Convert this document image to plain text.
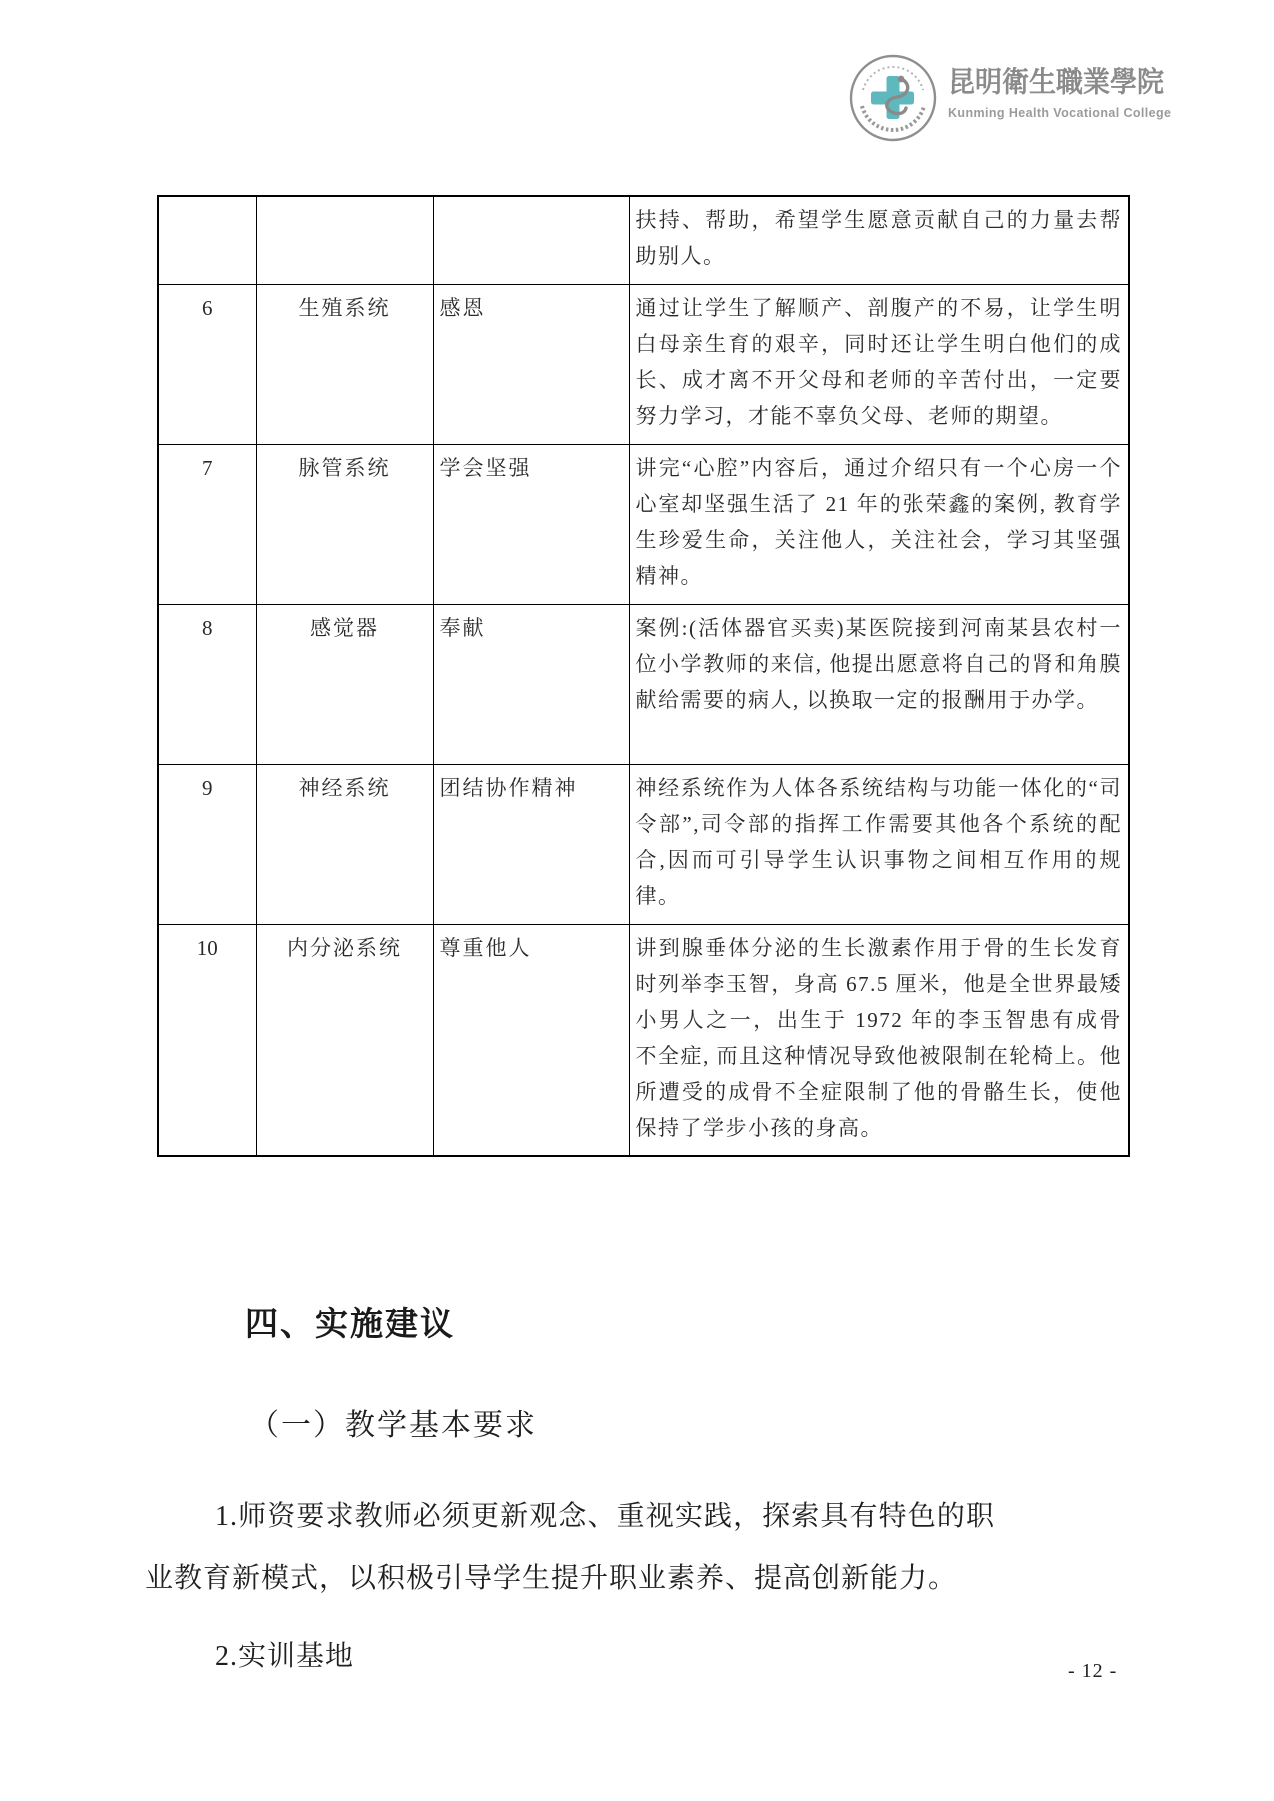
昆明衛生職業學院
Kunming Health Vocational College
			扶持、帮助，希望学生愿意贡献自己的力量去帮助别人。
6	生殖系统	感恩	通过让学生了解顺产、剖腹产的不易，让学生明白母亲生育的艰辛，同时还让学生明白他们的成长、成才离不开父母和老师的辛苦付出，一定要努力学习，才能不辜负父母、老师的期望。
7	脉管系统	学会坚强	讲完“心腔”内容后，通过介绍只有一个心房一个心室却坚强生活了 21 年的张荣鑫的案例, 教育学生珍爱生命，关注他人，关注社会，学习其坚强精神。
8	感觉器	奉献	案例:(活体器官买卖)某医院接到河南某县农村一位小学教师的来信, 他提出愿意将自己的肾和角膜献给需要的病人, 以换取一定的报酬用于办学。
9	神经系统	团结协作精神	神经系统作为人体各系统结构与功能一体化的“司令部”,司令部的指挥工作需要其他各个系统的配合,因而可引导学生认识事物之间相互作用的规律。
10	内分泌系统	尊重他人	讲到腺垂体分泌的生长激素作用于骨的生长发育时列举李玉智，身高 67.5 厘米，他是全世界最矮小男人之一，出生于 1972 年的李玉智患有成骨不全症, 而且这种情况导致他被限制在轮椅上。他所遭受的成骨不全症限制了他的骨骼生长，使他保持了学步小孩的身高。
四、实施建议
（一）教学基本要求

1.师资要求教师必须更新观念、重视实践，探索具有特色的职业教育新模式，以积极引导学生提升职业素养、提高创新能力。

2.实训基地	- 12 -
